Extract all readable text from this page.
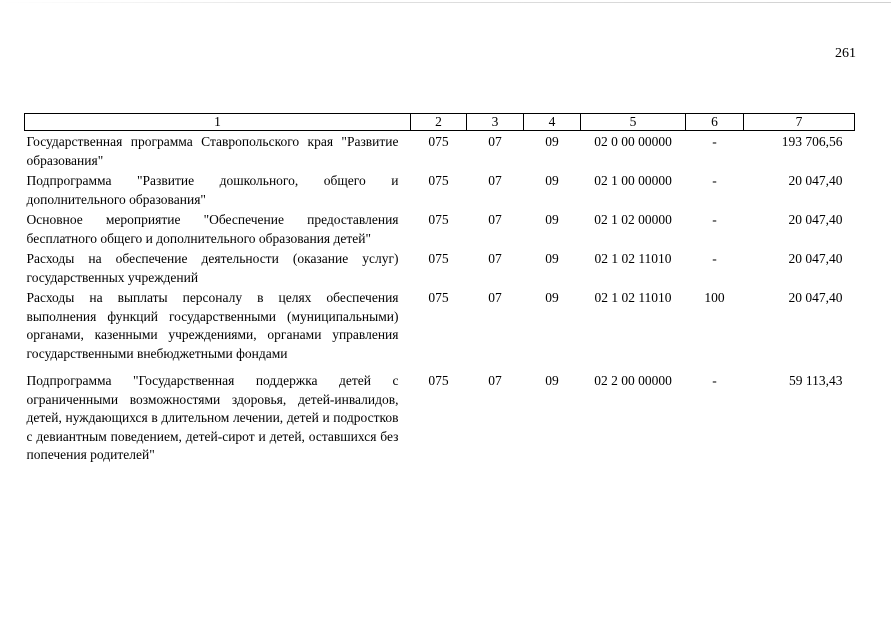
261
1	2	3	4	5	6	7
Государственная программа Ставропольского края "Развитие образования"	075	07	09	02 0 00 00000	-	193 706,56
Подпрограмма "Развитие дошкольного, общего и дополнительного образования"	075	07	09	02 1 00 00000	-	20 047,40
Основное мероприятие "Обеспечение предоставления бесплатного общего и дополнительного образования детей"	075	07	09	02 1 02 00000	-	20 047,40
Расходы на обеспечение деятельности (оказание услуг) государственных учреждений	075	07	09	02 1 02 11010	-	20 047,40
Расходы на выплаты персоналу в целях обеспечения выполнения функций государственными (муниципальными) органами, казенными учреждениями, органами управления государственными внебюджетными фондами	075	07	09	02 1 02 11010	100	20 047,40
Подпрограмма "Государственная поддержка детей с ограниченными возможностями здоровья, детей-инвалидов, детей, нуждающихся в длительном лечении, детей и подростков с девиантным поведением, детей-сирот и детей, оставшихся без попечения родителей"	075	07	09	02 2 00 00000	-	59 113,43
